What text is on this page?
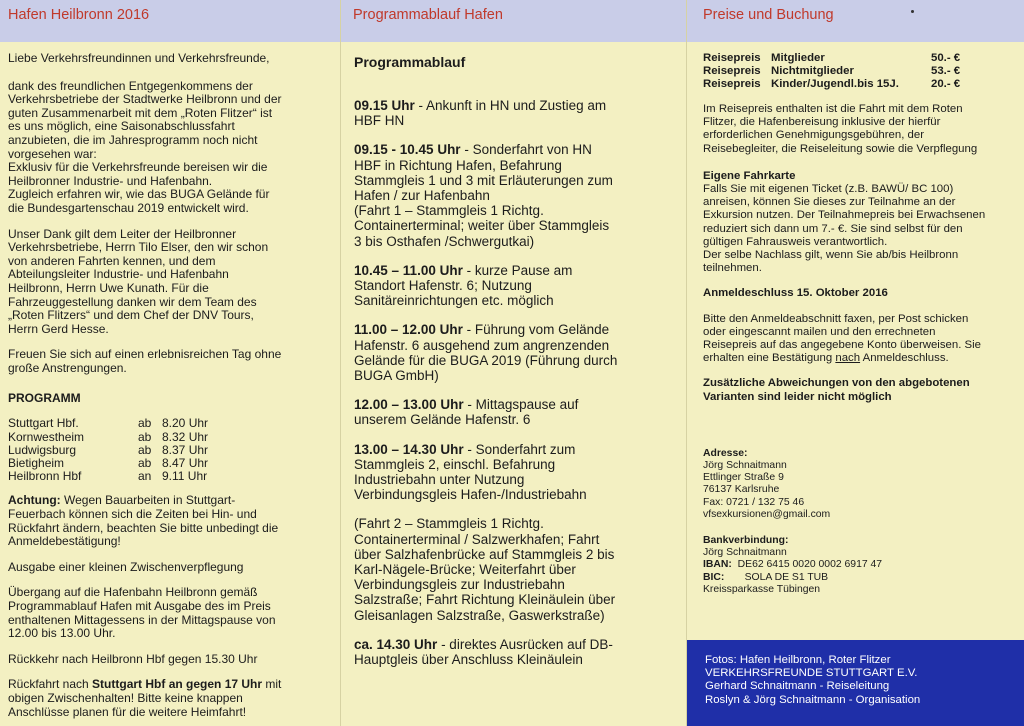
Hafen Heilbronn 2016

Liebe Verkehrsfreundinnen und Verkehrsfreunde,

dank des freundlichen Entgegenkommens der
Verkehrsbetriebe der Stadtwerke Heilbronn und der
guten Zusammenarbeit mit dem „Roten Flitzer“ ist
es uns möglich, eine Saisonabschlussfahrt
anzubieten, die im Jahresprogramm noch nicht
vorgesehen war:
Exklusiv für die Verkehrsfreunde bereisen wir die
Heilbronner Industrie- und Hafenbahn.
Zugleich erfahren wir, wie das BUGA Gelände für
die Bundesgartenschau 2019 entwickelt wird.
Unser Dank gilt dem Leiter der Heilbronner
Verkehrsbetriebe, Herrn Tilo Elser, den wir schon
von anderen Fahrten kennen, und dem
Abteilungsleiter Industrie- und Hafenbahn
Heilbronn, Herrn Uwe Kunath. Für die
Fahrzeuggestellung danken wir dem Team des
„Roten Flitzers“ und dem Chef der DNV Tours,
Herrn Gerd Hesse.
Freuen Sie sich auf einen erlebnisreichen Tag ohne
große Anstrengungen.
PROGRAMM
Stuttgart Hbf.	ab 8.20 Uhr
Kornwestheim	ab 8.32 Uhr
Ludwigsburg	ab 8.37 Uhr
Bietigheim	ab 8.47 Uhr
Heilbronn Hbf	an 9.11 Uhr
Achtung: Wegen Bauarbeiten in Stuttgart-
Feuerbach können sich die Zeiten bei Hin- und
Rückfahrt ändern, beachten Sie bitte unbedingt die
Anmeldebestätigung!

Ausgabe einer kleinen Zwischenverpflegung

Übergang auf die Hafenbahn Heilbronn gemäß
Programmablauf Hafen mit Ausgabe des im Preis
enthaltenen Mittagessens in der Mittagspause von
12.00 bis 13.00 Uhr.

Rückkehr nach Heilbronn Hbf gegen 15.30 Uhr

Rückfahrt nach Stuttgart Hbf an gegen 17 Uhr mit
obigen Zwischenhalten! Bitte keine knappen
Anschlüsse planen für die weitere Heimfahrt!
Programmablauf Hafen
Programmablauf
09.15 Uhr - Ankunft in HN und Zustieg am
HBF HN
09.15 - 10.45 Uhr - Sonderfahrt von HN
HBF in Richtung Hafen, Befahrung
Stammgleis 1 und 3 mit Erläuterungen zum
Hafen / zur Hafenbahn
(Fahrt 1 – Stammgleis 1 Richtg.
Containerterminal; weiter über Stammgleis
3 bis Osthafen /Schwergutkai)
10.45 – 11.00 Uhr - kurze Pause am
Standort Hafenstr. 6; Nutzung
Sanitäreinrichtungen etc. möglich
11.00 – 12.00 Uhr - Führung vom Gelände
Hafenstr. 6 ausgehend zum angrenzenden
Gelände für die BUGA 2019 (Führung durch
BUGA GmbH)
12.00 – 13.00 Uhr - Mittagspause auf
unserem Gelände Hafenstr. 6
13.00 – 14.30 Uhr - Sonderfahrt zum
Stammgleis 2, einschl. Befahrung
Industriebahn unter Nutzung
Verbindungsgleis Hafen-/Industriebahn
(Fahrt 2 – Stammgleis 1 Richtg.
Containerterminal / Salzwerkhafen; Fahrt
über Salzhafenbrücke auf Stammgleis 2 bis
Karl-Nägele-Brücke; Weiterfahrt über
Verbindungsgleis zur Industriebahn
Salzstraße; Fahrt Richtung Kleinäulein über
Gleisanlagen Salzstraße, Gaswerkstraße)
ca. 14.30 Uhr - direktes Ausrücken auf DB-
Hauptgleis über Anschluss Kleinäulein
Preise und Buchung
Reisepreis Mitglieder	50.- €
Reisepreis Nichtmitglieder	53.- €
Reisepreis Kinder/Jugendl.bis 15J.	20.- €
Im Reisepreis enthalten ist die Fahrt mit dem Roten
Flitzer, die Hafenbereisung inklusive der hierfür
erforderlichen Genehmigungsgebühren, der
Reisebegleiter, die Reiseleitung sowie die Verpflegung
Eigene Fahrkarte
Falls Sie mit eigenen Ticket (z.B. BAWÜ/ BC 100)
anreisen, können Sie dieses zur Teilnahme an der
Exkursion nutzen. Der Teilnahmepreis bei Erwachsenen
reduziert sich dann um 7.- €. Sie sind selbst für den
gültigen Fahrausweis verantwortlich.
Der selbe Nachlass gilt, wenn Sie ab/bis Heilbronn
teilnehmen.
Anmeldeschluss 15. Oktober 2016
Bitte den Anmeldeabschnitt faxen, per Post schicken
oder eingescannt mailen und den errechneten
Reisepreis auf das angegebene Konto überweisen. Sie
erhalten eine Bestätigung nach Anmeldeschluss.
Zusätzliche Abweichungen von den abgebotenen
Varianten sind leider nicht möglich
Adresse:
Jörg Schnaitmann
Ettlinger Straße 9
76137 Karlsruhe
Fax: 0721 / 132 75 46
vfsexkursionen@gmail.com
Bankverbindung:
Jörg Schnaitmann
IBAN:  DE62 6415 0020 0002 6917 47
BIC:       SOLA DE S1 TUB
Kreissparkasse Tübingen
Fotos: Hafen Heilbronn, Roter Flitzer
VERKEHRSFREUNDE STUTTGART E.V.
Gerhard Schnaitmann - Reiseleitung
Roslyn & Jörg Schnaitmann - Organisation
